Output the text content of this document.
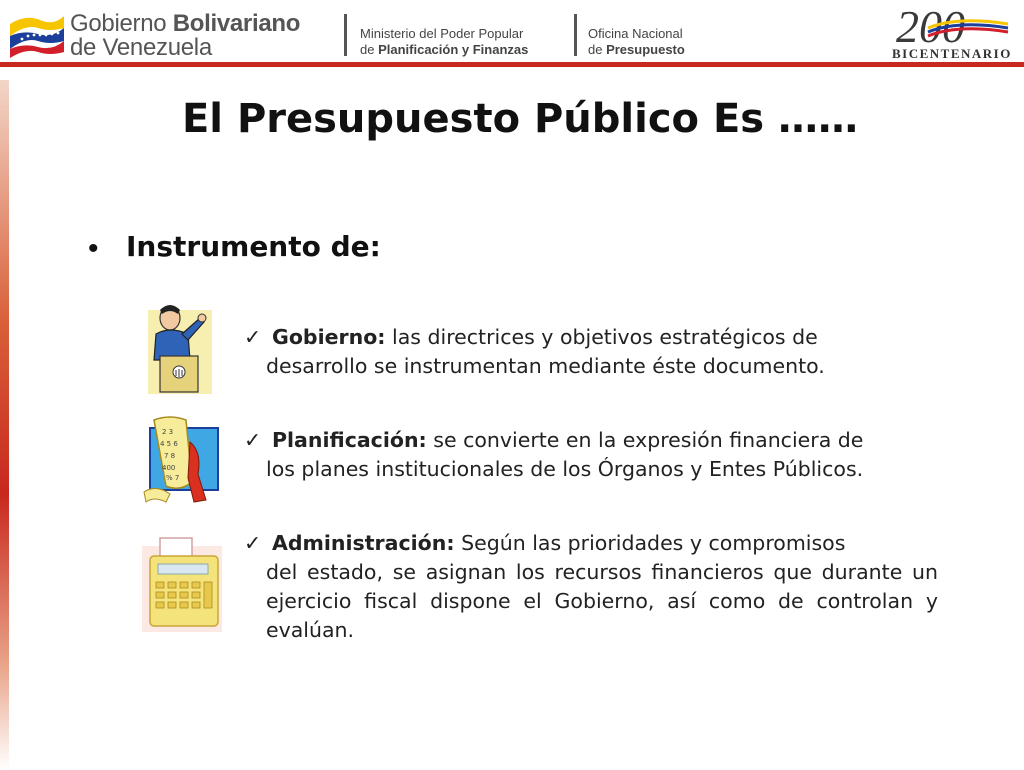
Gobierno Bolivariano
de Venezuela
Ministerio del Poder Popular
de Planificación y Finanzas
Oficina Nacional
de Presupuesto	200
BICENTENARIO
El Presupuesto Público Es ……
• Instrumento de:
2 3
4 5 6
7 8
400
% 7
✓ Gobierno: las directrices y objetivos estratégicos de
desarrollo se instrumentan mediante éste documento.
✓ Planificación: se convierte en la expresión financiera de
los planes institucionales de los Órganos y Entes Públicos.
✓ Administración: Según las prioridades y compromisos
del estado, se asignan los recursos financieros que durante un ejercicio fiscal dispone el Gobierno, así como de controlan y evalúan.
